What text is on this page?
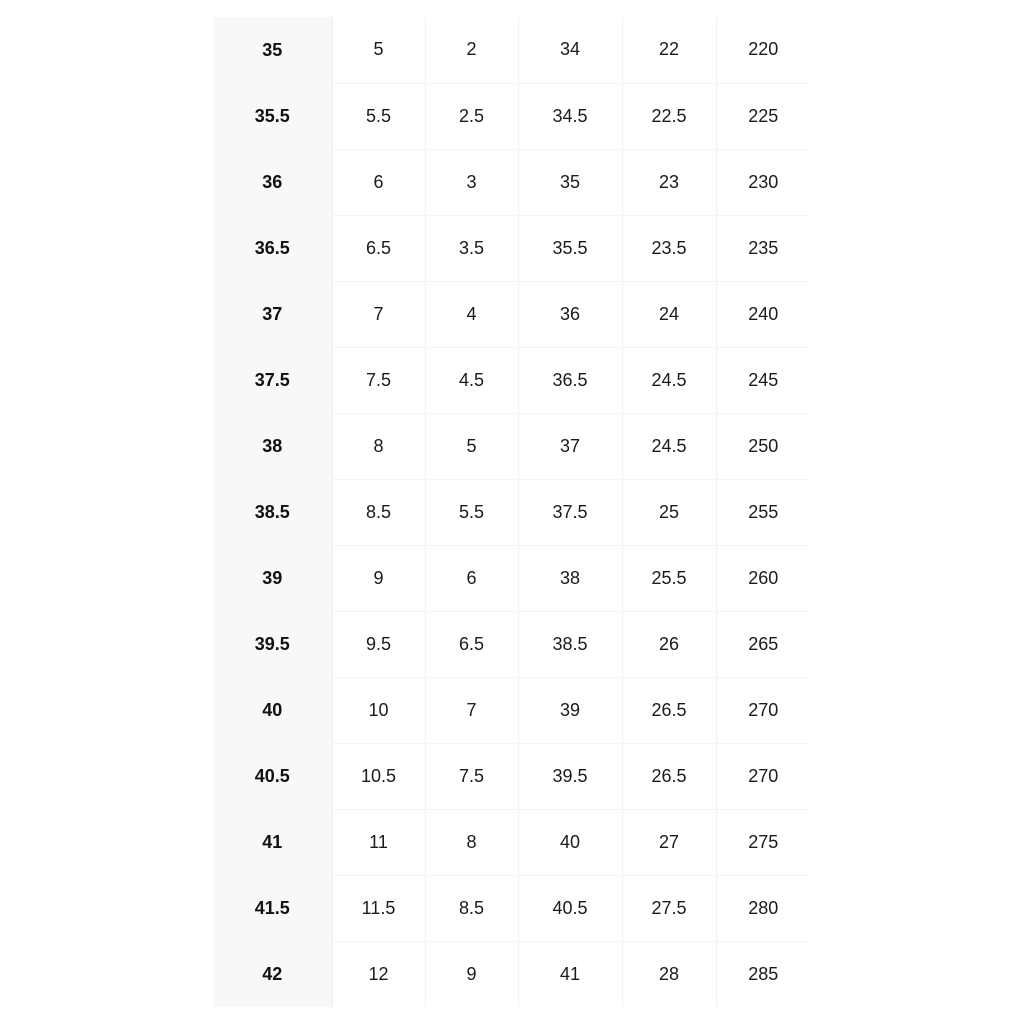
35	5	2	34	22	220
35.5	5.5	2.5	34.5	22.5	225
36	6	3	35	23	230
36.5	6.5	3.5	35.5	23.5	235
37	7	4	36	24	240
37.5	7.5	4.5	36.5	24.5	245
38	8	5	37	24.5	250
38.5	8.5	5.5	37.5	25	255
39	9	6	38	25.5	260
39.5	9.5	6.5	38.5	26	265
40	10	7	39	26.5	270
40.5	10.5	7.5	39.5	26.5	270
41	11	8	40	27	275
41.5	11.5	8.5	40.5	27.5	280
42	12	9	41	28	285
